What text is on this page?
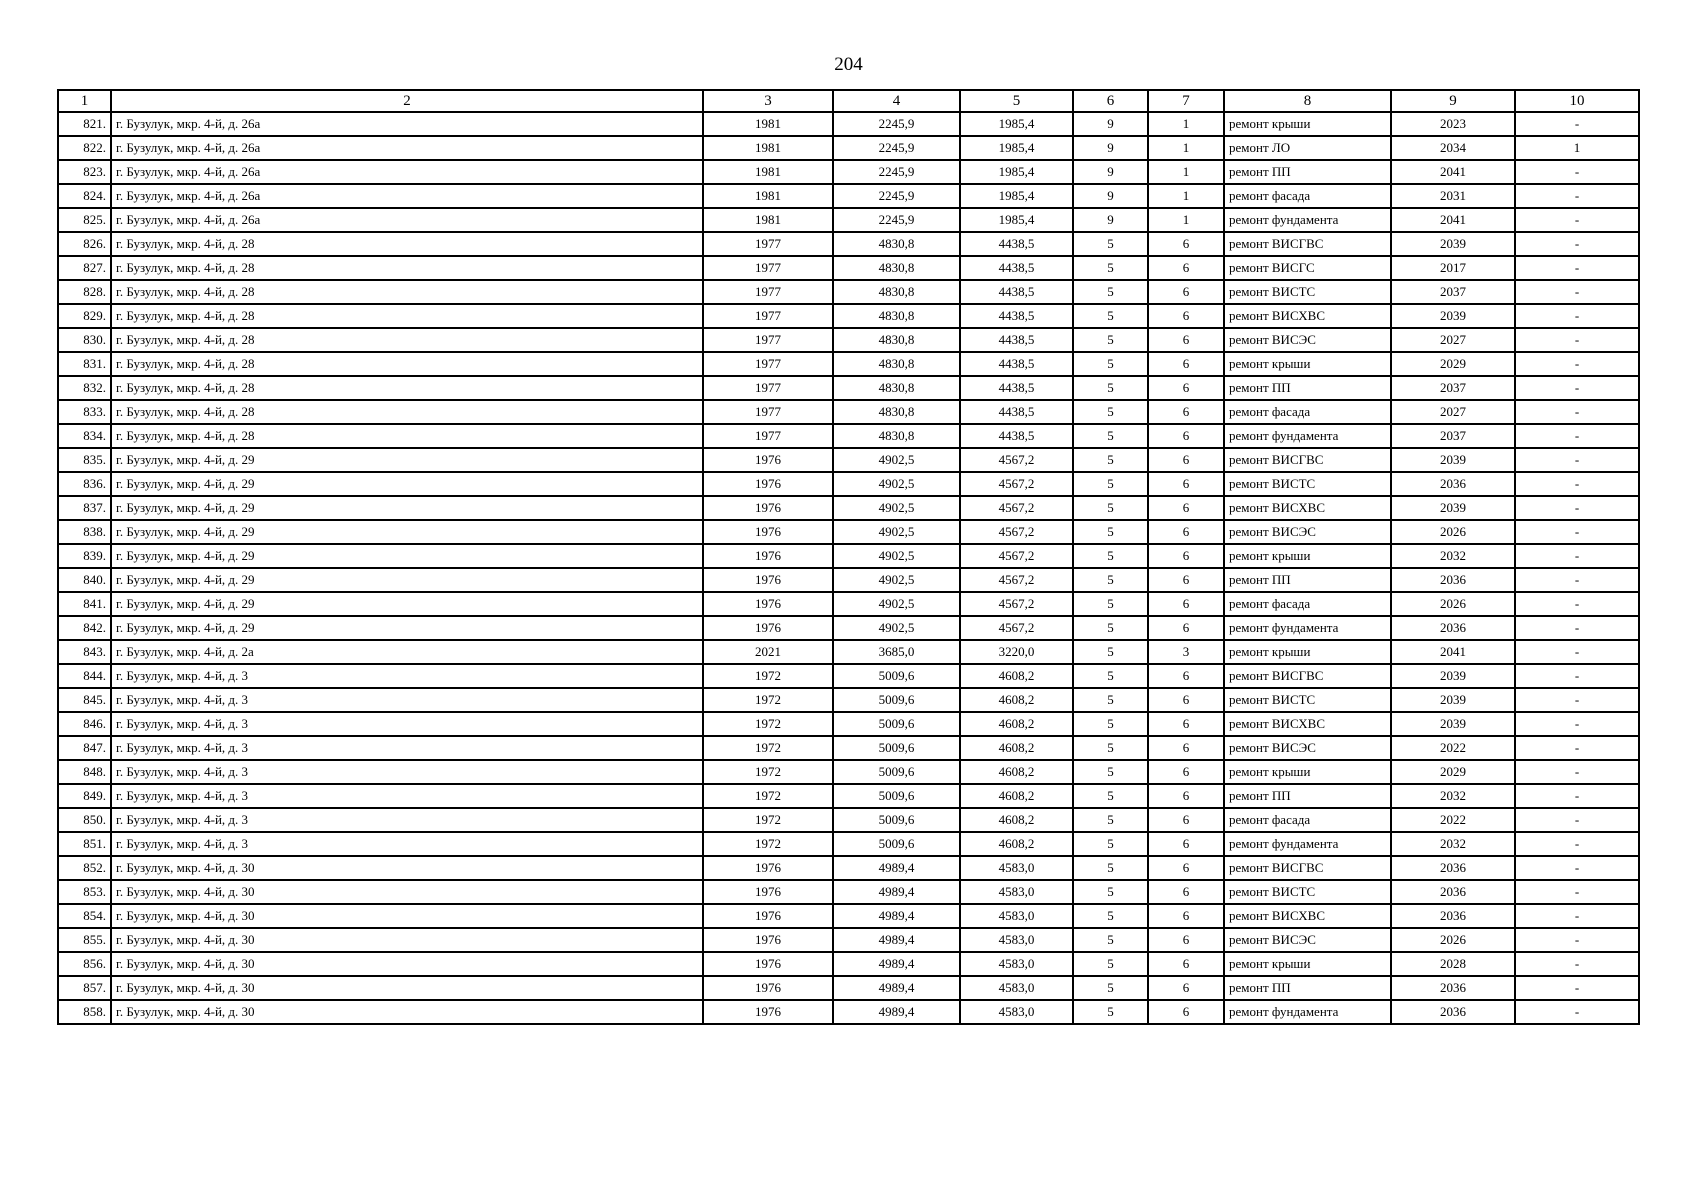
204
1	2	3	4	5	6	7	8	9	10
821.	г. Бузулук, мкр. 4-й, д. 26а	1981	2245,9	1985,4	9	1	ремонт крыши	2023	-
822.	г. Бузулук, мкр. 4-й, д. 26а	1981	2245,9	1985,4	9	1	ремонт ЛО	2034	1
823.	г. Бузулук, мкр. 4-й, д. 26а	1981	2245,9	1985,4	9	1	ремонт ПП	2041	-
824.	г. Бузулук, мкр. 4-й, д. 26а	1981	2245,9	1985,4	9	1	ремонт фасада	2031	-
825.	г. Бузулук, мкр. 4-й, д. 26а	1981	2245,9	1985,4	9	1	ремонт фундамента	2041	-
826.	г. Бузулук, мкр. 4-й, д. 28	1977	4830,8	4438,5	5	6	ремонт ВИСГВС	2039	-
827.	г. Бузулук, мкр. 4-й, д. 28	1977	4830,8	4438,5	5	6	ремонт ВИСГС	2017	-
828.	г. Бузулук, мкр. 4-й, д. 28	1977	4830,8	4438,5	5	6	ремонт ВИСТС	2037	-
829.	г. Бузулук, мкр. 4-й, д. 28	1977	4830,8	4438,5	5	6	ремонт ВИСХВС	2039	-
830.	г. Бузулук, мкр. 4-й, д. 28	1977	4830,8	4438,5	5	6	ремонт ВИСЭС	2027	-
831.	г. Бузулук, мкр. 4-й, д. 28	1977	4830,8	4438,5	5	6	ремонт крыши	2029	-
832.	г. Бузулук, мкр. 4-й, д. 28	1977	4830,8	4438,5	5	6	ремонт ПП	2037	-
833.	г. Бузулук, мкр. 4-й, д. 28	1977	4830,8	4438,5	5	6	ремонт фасада	2027	-
834.	г. Бузулук, мкр. 4-й, д. 28	1977	4830,8	4438,5	5	6	ремонт фундамента	2037	-
835.	г. Бузулук, мкр. 4-й, д. 29	1976	4902,5	4567,2	5	6	ремонт ВИСГВС	2039	-
836.	г. Бузулук, мкр. 4-й, д. 29	1976	4902,5	4567,2	5	6	ремонт ВИСТС	2036	-
837.	г. Бузулук, мкр. 4-й, д. 29	1976	4902,5	4567,2	5	6	ремонт ВИСХВС	2039	-
838.	г. Бузулук, мкр. 4-й, д. 29	1976	4902,5	4567,2	5	6	ремонт ВИСЭС	2026	-
839.	г. Бузулук, мкр. 4-й, д. 29	1976	4902,5	4567,2	5	6	ремонт крыши	2032	-
840.	г. Бузулук, мкр. 4-й, д. 29	1976	4902,5	4567,2	5	6	ремонт ПП	2036	-
841.	г. Бузулук, мкр. 4-й, д. 29	1976	4902,5	4567,2	5	6	ремонт фасада	2026	-
842.	г. Бузулук, мкр. 4-й, д. 29	1976	4902,5	4567,2	5	6	ремонт фундамента	2036	-
843.	г. Бузулук, мкр. 4-й, д. 2а	2021	3685,0	3220,0	5	3	ремонт крыши	2041	-
844.	г. Бузулук, мкр. 4-й, д. 3	1972	5009,6	4608,2	5	6	ремонт ВИСГВС	2039	-
845.	г. Бузулук, мкр. 4-й, д. 3	1972	5009,6	4608,2	5	6	ремонт ВИСТС	2039	-
846.	г. Бузулук, мкр. 4-й, д. 3	1972	5009,6	4608,2	5	6	ремонт ВИСХВС	2039	-
847.	г. Бузулук, мкр. 4-й, д. 3	1972	5009,6	4608,2	5	6	ремонт ВИСЭС	2022	-
848.	г. Бузулук, мкр. 4-й, д. 3	1972	5009,6	4608,2	5	6	ремонт крыши	2029	-
849.	г. Бузулук, мкр. 4-й, д. 3	1972	5009,6	4608,2	5	6	ремонт ПП	2032	-
850.	г. Бузулук, мкр. 4-й, д. 3	1972	5009,6	4608,2	5	6	ремонт фасада	2022	-
851.	г. Бузулук, мкр. 4-й, д. 3	1972	5009,6	4608,2	5	6	ремонт фундамента	2032	-
852.	г. Бузулук, мкр. 4-й, д. 30	1976	4989,4	4583,0	5	6	ремонт ВИСГВС	2036	-
853.	г. Бузулук, мкр. 4-й, д. 30	1976	4989,4	4583,0	5	6	ремонт ВИСТС	2036	-
854.	г. Бузулук, мкр. 4-й, д. 30	1976	4989,4	4583,0	5	6	ремонт ВИСХВС	2036	-
855.	г. Бузулук, мкр. 4-й, д. 30	1976	4989,4	4583,0	5	6	ремонт ВИСЭС	2026	-
856.	г. Бузулук, мкр. 4-й, д. 30	1976	4989,4	4583,0	5	6	ремонт крыши	2028	-
857.	г. Бузулук, мкр. 4-й, д. 30	1976	4989,4	4583,0	5	6	ремонт ПП	2036	-
858.	г. Бузулук, мкр. 4-й, д. 30	1976	4989,4	4583,0	5	6	ремонт фундамента	2036	-
